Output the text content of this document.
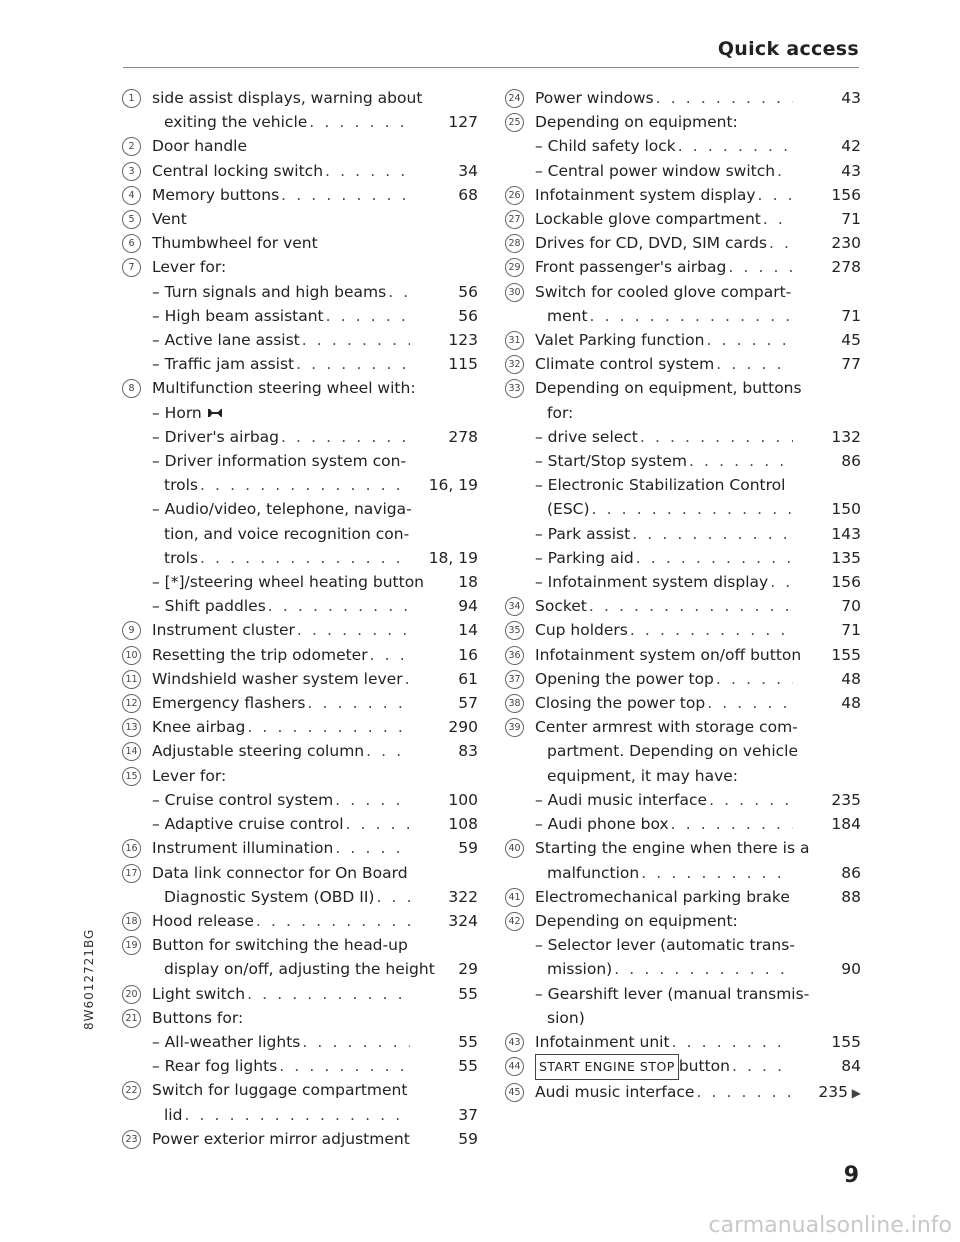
Quick access
1	side assist displays, warning about
exiting the vehicle . . .	127
2	Door handle
3	Central locking switch . . .	34
4	Memory buttons . . .	68
5	Vent
6	Thumbwheel for vent
7	Lever for:
– Turn signals and high beams . . .	56
– High beam assistant . . .	56
– Active lane assist . . .	123
– Traffic jam assist . . .	115
8	Multifunction steering wheel with:
– Horn
– Driver's airbag . . .	278
– Driver information system con-
trols . . .	16, 19
– Audio/video, telephone, naviga-
tion, and voice recognition con-
trols . . .	18, 19
– [*]/steering wheel heating button	18
– Shift paddles . . .	94
9	Instrument cluster . . .	14
10 Resetting the trip odometer . . .	16
11 Windshield washer system lever . . .	61
12 Emergency flashers . . .	57
13 Knee airbag . . .	290
14 Adjustable steering column . . .	83
15 Lever for:
– Cruise control system . . .	100
– Adaptive cruise control . . .	108
16 Instrument illumination . . .	59
17 Data link connector for On Board
Diagnostic System (OBD II) . . .	322
18 Hood release . . .	324
19 Button for switching the head-up
display on/off, adjusting the height	29
20 Light switch . . .	55
21 Buttons for:
– All-weather lights . . .	55
– Rear fog lights . . .	55
22 Switch for luggage compartment
lid . . .	37
23 Power exterior mirror adjustment	59
24 Power windows . . .	43
25 Depending on equipment:
– Child safety lock . . .	42
– Central power window switch . . .	43
26 Infotainment system display . . .	156
27 Lockable glove compartment . . .	71
28 Drives for CD, DVD, SIM cards . . .	230
29 Front passenger's airbag . . .	278
30 Switch for cooled glove compart-
ment . . .	71
31 Valet Parking function . . .	45
32 Climate control system . . .	77
33 Depending on equipment, buttons
for:
– drive select . . .	132
– Start/Stop system . . .	86
– Electronic Stabilization Control
(ESC) . . .	150
– Park assist . . .	143
– Parking aid . . .	135
– Infotainment system display . . .	156
34 Socket . . .	70
35 Cup holders . . .	71
36 Infotainment system on/off button	155
37 Opening the power top . . .	48
38 Closing the power top . . .	48
39 Center armrest with storage com-
partment. Depending on vehicle
equipment, it may have:
– Audi music interface . . .	235
– Audi phone box . . .	184
40 Starting the engine when there is a
malfunction . . .	86
41 Electromechanical parking brake . . .	88
42 Depending on equipment:
– Selector lever (automatic trans-
mission) . . .	90
– Gearshift lever (manual transmis-
sion)
43 Infotainment unit . . .	155
44	START ENGINE STOP button . . .	84
45 Audi music interface . . .	235 ▶
8W6012721BG
9
carmanualsonline.info
